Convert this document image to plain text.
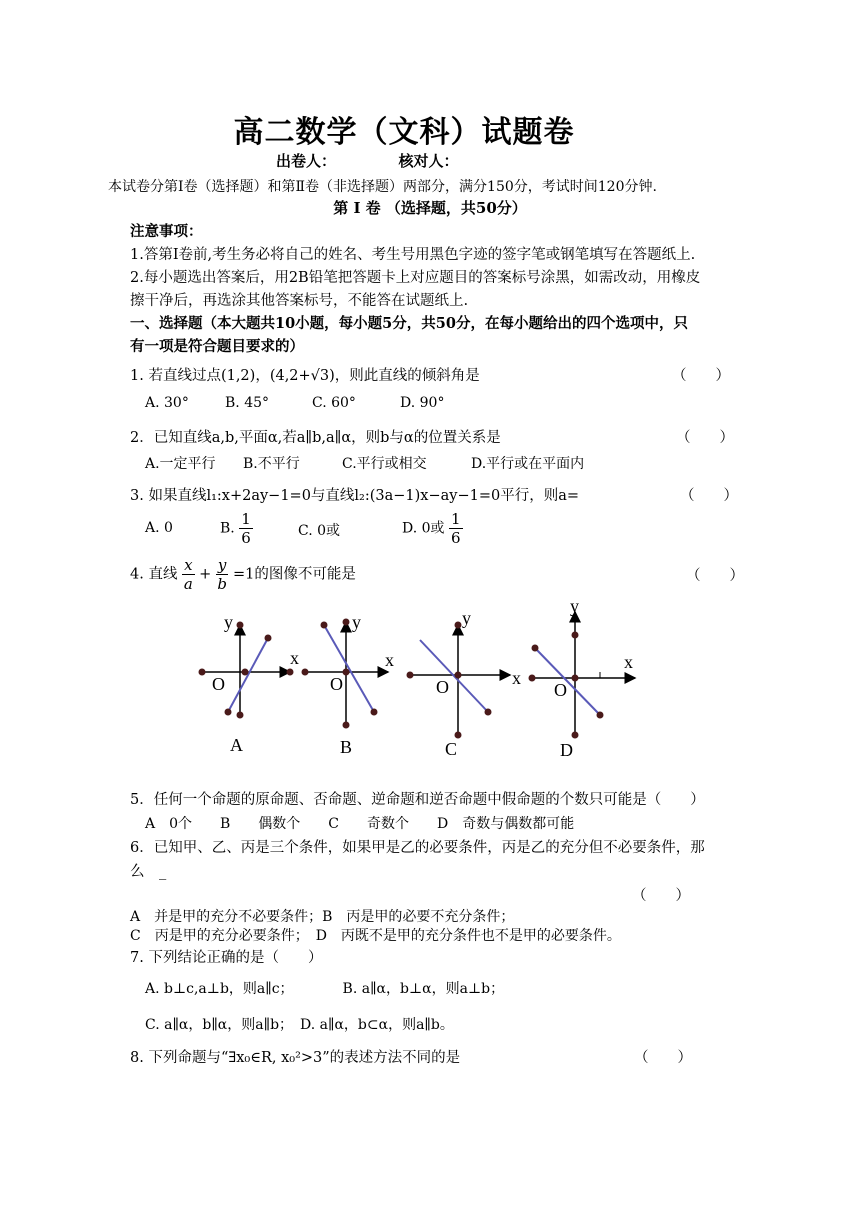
高二数学（文科）试题卷
出卷人：	核对人：
本试卷分第Ⅰ卷（选择题）和第Ⅱ卷（非选择题）两部分，满分150分，考试时间120分钟.
第 Ⅰ 卷 （选择题，共50分）
注意事项：
1.答第Ⅰ卷前,考生务必将自己的姓名、考生号用黑色字迹的签字笔或钢笔填写在答题纸上.
2.每小题选出答案后，用2B铅笔把答题卡上对应题目的答案标号涂黑，如需改动，用橡皮
擦干净后，再选涂其他答案标号，不能答在试题纸上.
一、选择题（本大题共10小题，每小题5分，共50分，在每小题给出的四个选项中，只
有一项是符合题目要求的）
1. 若直线过点(1,2)，(4,2+√3)，则此直线的倾斜角是	（　　）
A. 30°	B. 45°	C. 60°	D. 90°
2．已知直线a,b,平面α,若a∥b,a∥α，则b与α的位置关系是	（　　）
A.一定平行 B.不平行	C.平行或相交	D.平行或在平面内
3. 如果直线l₁:x+2ay−1=0与直线l₂:(3a−1)x−ay−1=0平行，则a=	（　　）
A. 0	B. $\frac{1}{6}$	C. 0或	D. 0或 $\frac{1}{6}$
4. 直线 $\frac{x}{a} + \frac{y}{b} =1$的图像不可能是	（　　）
y
x
O
A
y
x
O
B
y
x
O
C
y
x
O
D
5．任何一个命题的原命题、否命题、逆命题和逆否命题中假命题的个数只可能是（　　）
A　0个　　B　　偶数个　　C　　奇数个　　D　奇数与偶数都可能
6．已知甲、乙、丙是三个条件，如果甲是乙的必要条件，丙是乙的充分但不必要条件，那
么　_
（　　）
A　并是甲的充分不必要条件；B　丙是甲的必要不充分条件；
C　丙是甲的充分必要条件；　D　丙既不是甲的充分条件也不是甲的必要条件。
7. 下列结论正确的是（　　）
A. b⊥c,a⊥b，则a∥c；　　　　B. a∥α，b⊥α，则a⊥b；
C. a∥α，b∥α，则a∥b；　D. a∥α，b⊂α，则a∥b。
8. 下列命题与“∃x₀∈R, x₀²>3”的表述方法不同的是	（　　）
